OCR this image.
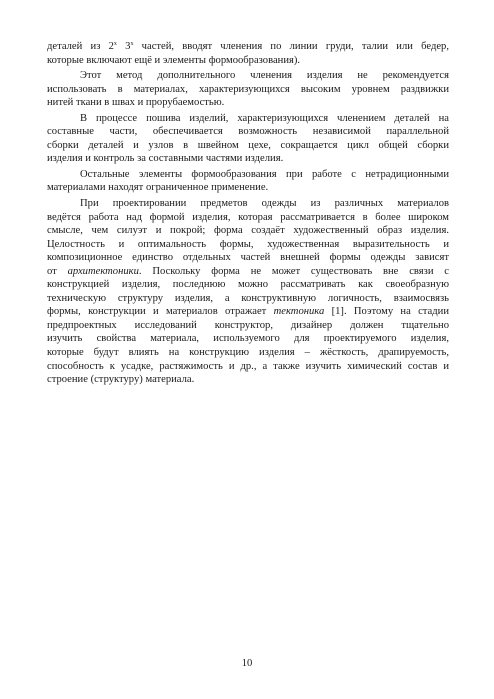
деталей из 2$^x$ 3$^x$ частей, вводят членения по линии груди, талии или бедер,
которые включают ещё и элементы формообразования).
Этот метод дополнительного членения изделия не рекомендуется
использовать в материалах, характеризующихся высоким уровнем раздвижки
нитей ткани в швах и прорубаемостью.
В процессе пошива изделий, характеризующихся членением деталей на
составные части, обеспечивается возможность независимой параллельной
сборки деталей и узлов в швейном цехе, сокращается цикл общей сборки
изделия и контроль за составными частями изделия.
Остальные элементы формообразования при работе с нетрадиционными
материалами находят ограниченное применение.
При проектировании предметов одежды из различных материалов
ведётся работа над формой изделия, которая рассматривается в более широком
смысле, чем силуэт и покрой; форма создаёт художественный образ изделия.
Целостность и оптимальность формы, художественная выразительность и
композиционное единство отдельных частей внешней формы одежды зависят
от архитектоники. Поскольку форма не может существовать вне связи с
конструкцией изделия, последнюю можно рассматривать как своеобразную
техническую структуру изделия, а конструктивную логичность, взаимосвязь
формы, конструкции и материалов отражает тектоника [1]. Поэтому на стадии
предпроектных исследований конструктор, дизайнер должен тщательно
изучить свойства материала, используемого для проектируемого изделия,
которые будут влиять на конструкцию изделия – жёсткость, драпируемость,
способность к усадке, растяжимость и др., а также изучить химический состав и
строение (структуру) материала.
10
